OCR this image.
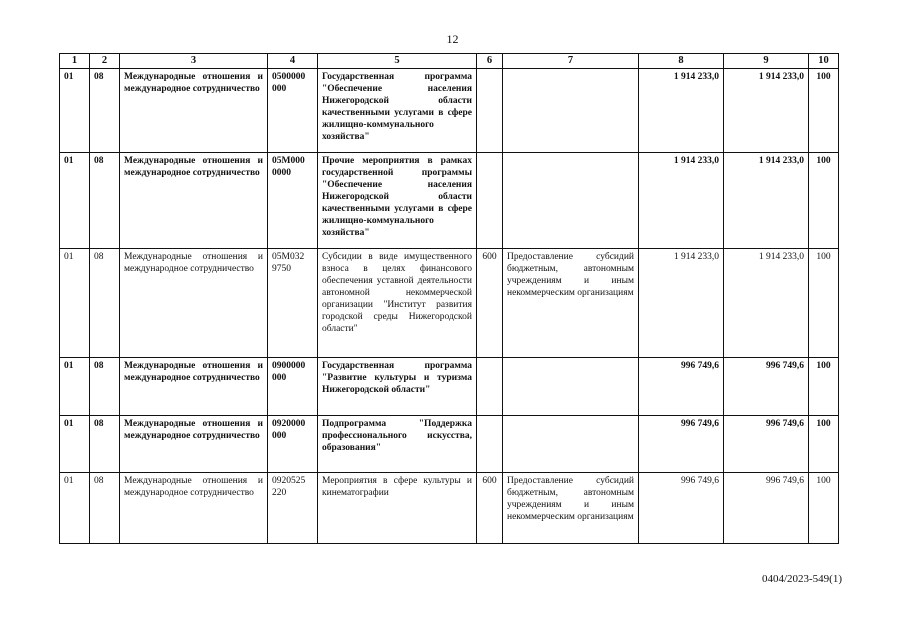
12
1	2	3	4	5	6	7	8	9	10
01	08	Международные отношения и международное сотрудничество	0500000 000	Государственная программа "Обеспечение населения Нижегородской области качественными услугами в сфере жилищно-коммунального хозяйства"			1 914 233,0	1 914 233,0	100
01	08	Международные отношения и международное сотрудничество	05М000 0000	Прочие мероприятия в рамках государственной программы "Обеспечение населения Нижегородской области качественными услугами в сфере жилищно-коммунального хозяйства"			1 914 233,0	1 914 233,0	100
01	08	Международные отношения и международное сотрудничество	05М032 9750	Субсидии в виде имущественного взноса в целях финансового обеспечения уставной деятельности автономной некоммерческой организации "Институт развития городской среды Нижегородской области"	600	Предоставление субсидий бюджетным, автономным учреждениям и иным некоммерческим организациям	1 914 233,0	1 914 233,0	100
01	08	Международные отношения и международное сотрудничество	0900000 000	Государственная программа "Развитие культуры и туризма Нижегородской области"			996 749,6	996 749,6	100
01	08	Международные отношения и международное сотрудничество	0920000 000	Подпрограмма "Поддержка профессионального искусства, образования"			996 749,6	996 749,6	100
01	08	Международные отношения и международное сотрудничество	0920525 220	Мероприятия в сфере культуры и кинематографии	600	Предоставление субсидий бюджетным, автономным учреждениям и иным некоммерческим организациям	996 749,6	996 749,6	100
0404/2023-549(1)
